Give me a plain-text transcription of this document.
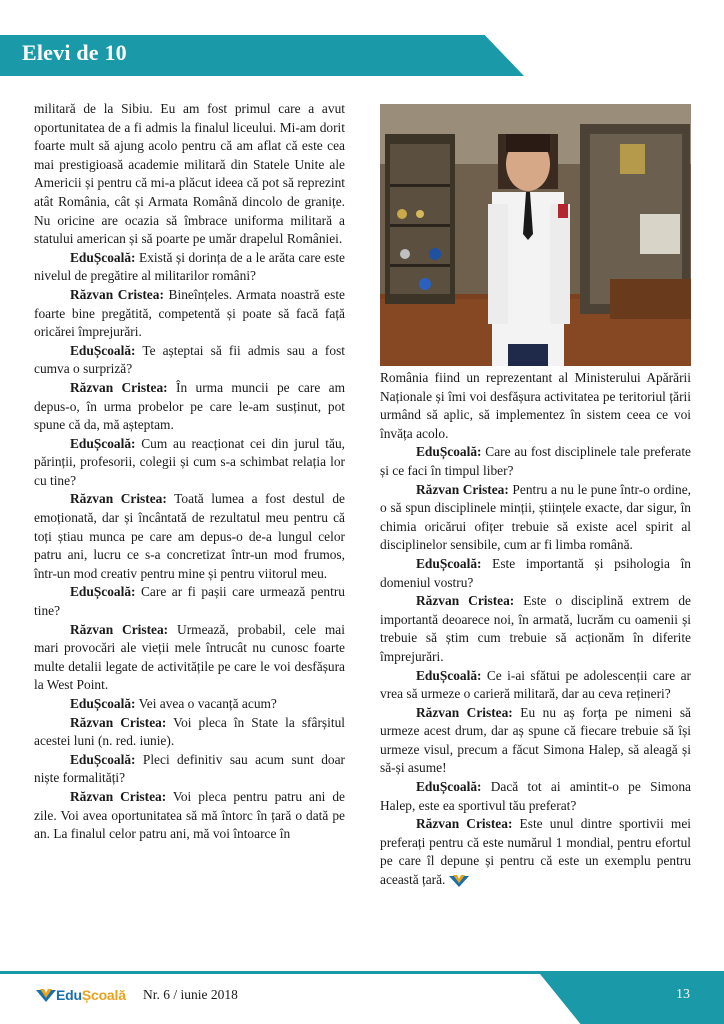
Elevi de 10

militară de la Sibiu. Eu am fost primul care a avut oportunitatea de a fi admis la finalul liceului. Mi-am dorit foarte mult să ajung acolo pentru că am aflat că este cea mai prestigioasă academie militară din Statele Unite ale Americii și pentru că mi-a plăcut ideea că pot să reprezint atât România, cât și Armata Română dincolo de granițe. Nu oricine are ocazia să îmbrace uniforma militară a statului american și să poarte pe umăr drapelul României.

EduȘcoală: Există și dorința de a le arăta care este nivelul de pregătire al militarilor români?

Răzvan Cristea: Bineînțeles. Armata noastră este foarte bine pregătită, competentă și poate să facă față oricărei împrejurări.

EduȘcoală: Te așteptai să fii admis sau a fost cumva o surpriză?

Răzvan Cristea: În urma muncii pe care am depus-o, în urma probelor pe care le-am susținut, pot spune că da, mă așteptam.

EduȘcoală: Cum au reacționat cei din jurul tău, părinții, profesorii, colegii și cum s-a schimbat relația lor cu tine?

Răzvan Cristea: Toată lumea a fost destul de emoționată, dar și încântată de rezultatul meu pentru că toți știau munca pe care am depus-o de-a lungul celor patru ani, lucru ce s-a concretizat într-un mod frumos, într-un mod creativ pentru mine și pentru viitorul meu.

EduȘcoală: Care ar fi pașii care urmează pentru tine?

Răzvan Cristea: Urmează, probabil, cele mai mari provocări ale vieții mele întrucât nu cunosc foarte multe detalii legate de activitățile pe care le voi desfășura la West Point.

EduȘcoală: Vei avea o vacanță acum?

Răzvan Cristea: Voi pleca în State la sfârșitul acestei luni (n. red. iunie).

EduȘcoală: Pleci definitiv sau acum sunt doar niște formalități?

Răzvan Cristea: Voi pleca pentru patru ani de zile. Voi avea oportunitatea să mă întorc în țară o dată pe an. La finalul celor patru ani, mă voi întoarce în

România fiind un reprezentant al Ministerului Apărării Naționale și îmi voi desfășura activitatea pe teritoriul țării urmând să aplic, să implementez în sistem ceea ce voi învăța acolo.

EduȘcoală: Care au fost disciplinele tale preferate și ce faci în timpul liber?

Răzvan Cristea: Pentru a nu le pune într-o ordine, o să spun disciplinele minții, științele exacte, dar sigur, în chimia oricărui ofițer trebuie să existe acel spirit al disciplinelor sensibile, cum ar fi limba română.

EduȘcoală: Este importantă și psihologia în domeniul vostru?

Răzvan Cristea: Este o disciplină extrem de importantă deoarece noi, în armată, lucrăm cu oamenii și trebuie să știm cum trebuie să acționăm în diferite împrejurări.

EduȘcoală: Ce i-ai sfătui pe adolescenții care ar vrea să urmeze o carieră militară, dar au ceva rețineri?

Răzvan Cristea: Eu nu aș forța pe nimeni să urmeze acest drum, dar aș spune că fiecare trebuie să își urmeze visul, precum a făcut Simona Halep, să aleagă și să-și asume!

EduȘcoală: Dacă tot ai amintit-o pe Simona Halep, este ea sportivul tău preferat?

Răzvan Cristea: Este unul dintre sportivii mei preferați pentru că este numărul 1 mondial, pentru efortul pe care îl depune și pentru că este un exemplu pentru această țară.

EduȘcoală Nr. 6 / iunie 2018	13
